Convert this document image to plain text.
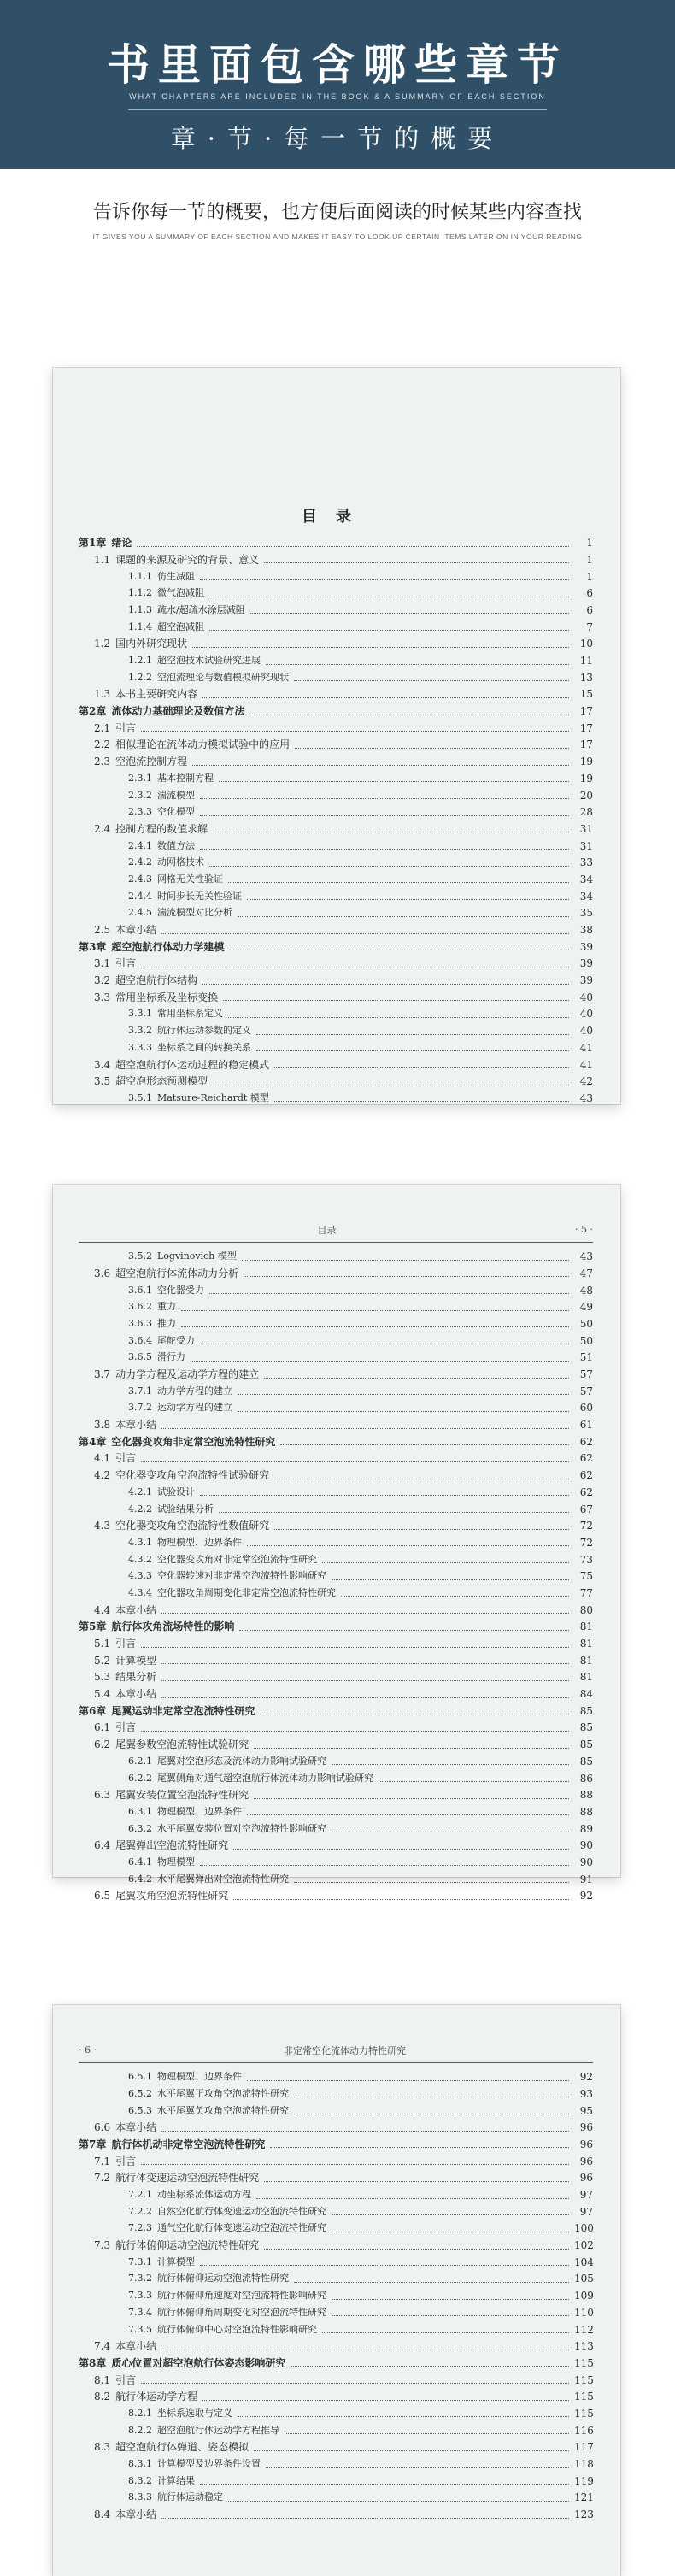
书里面包含哪些章节
WHAT CHAPTERS ARE INCLUDED IN THE BOOK & A SUMMARY OF EACH SECTION
章·节·每一节的概要
告诉你每一节的概要，也方便后面阅读的时候某些内容查找
IT GIVES YOU A SUMMARY OF EACH SECTION AND MAKES IT EASY TO LOOK UP CERTAIN ITEMS LATER ON IN YOUR READING
目录
第1章 绪论	1
1.1 课题的来源及研究的背景、意义	1
1.1.1 仿生减阻	1
1.1.2 微气泡减阻	6
1.1.3 疏水/超疏水涂层减阻	6
1.1.4 超空泡减阻	7
1.2 国内外研究现状	10
1.2.1 超空泡技术试验研究进展	11
1.2.2 空泡流理论与数值模拟研究现状	13
1.3 本书主要研究内容	15
第2章 流体动力基础理论及数值方法	17
2.1 引言	17
2.2 相似理论在流体动力模拟试验中的应用	17
2.3 空泡流控制方程	19
2.3.1 基本控制方程	19
2.3.2 湍流模型	20
2.3.3 空化模型	28
2.4 控制方程的数值求解	31
2.4.1 数值方法	31
2.4.2 动网格技术	33
2.4.3 网格无关性验证	34
2.4.4 时间步长无关性验证	34
2.4.5 湍流模型对比分析	35
2.5 本章小结	38
第3章 超空泡航行体动力学建模	39
3.1 引言	39
3.2 超空泡航行体结构	39
3.3 常用坐标系及坐标变换	40
3.3.1 常用坐标系定义	40
3.3.2 航行体运动参数的定义	40
3.3.3 坐标系之间的转换关系	41
3.4 超空泡航行体运动过程的稳定模式	41
3.5 超空泡形态预测模型	42
3.5.1 Matsure-Reichardt 模型	43
目录	· 5 ·
3.5.2 Logvinovich 模型	43
3.6 超空泡航行体流体动力分析	47
3.6.1 空化器受力	48
3.6.2 重力	49
3.6.3 推力	50
3.6.4 尾舵受力	50
3.6.5 滑行力	51
3.7 动力学方程及运动学方程的建立	57
3.7.1 动力学方程的建立	57
3.7.2 运动学方程的建立	60
3.8 本章小结	61
第4章 空化器变攻角非定常空泡流特性研究	62
4.1 引言	62
4.2 空化器变攻角空泡流特性试验研究	62
4.2.1 试验设计	62
4.2.2 试验结果分析	67
4.3 空化器变攻角空泡流特性数值研究	72
4.3.1 物理模型、边界条件	72
4.3.2 空化器变攻角对非定常空泡流特性研究	73
4.3.3 空化器转速对非定常空泡流特性影响研究	75
4.3.4 空化器攻角周期变化非定常空泡流特性研究	77
4.4 本章小结	80
第5章 航行体攻角流场特性的影响	81
5.1 引言	81
5.2 计算模型	81
5.3 结果分析	81
5.4 本章小结	84
第6章 尾翼运动非定常空泡流特性研究	85
6.1 引言	85
6.2 尾翼参数空泡流特性试验研究	85
6.2.1 尾翼对空泡形态及流体动力影响试验研究	85
6.2.2 尾翼侧角对通气超空泡航行体流体动力影响试验研究	86
6.3 尾翼安装位置空泡流特性研究	88
6.3.1 物理模型、边界条件	88
6.3.2 水平尾翼安装位置对空泡流特性影响研究	89
6.4 尾翼弹出空泡流特性研究	90
6.4.1 物理模型	90
6.4.2 水平尾翼弹出对空泡流特性研究	91
6.5 尾翼攻角空泡流特性研究	92
· 6 ·	非定常空化流体动力特性研究
6.5.1 物理模型、边界条件	92
6.5.2 水平尾翼正攻角空泡流特性研究	93
6.5.3 水平尾翼负攻角空泡流特性研究	95
6.6 本章小结	96
第7章 航行体机动非定常空泡流特性研究	96
7.1 引言	96
7.2 航行体变速运动空泡流特性研究	96
7.2.1 动坐标系流体运动方程	97
7.2.2 自然空化航行体变速运动空泡流特性研究	97
7.2.3 通气空化航行体变速运动空泡流特性研究	100
7.3 航行体俯仰运动空泡流特性研究	102
7.3.1 计算模型	104
7.3.2 航行体俯仰运动空泡流特性研究	105
7.3.3 航行体俯仰角速度对空泡流特性影响研究	109
7.3.4 航行体俯仰角周期变化对空泡流特性研究	110
7.3.5 航行体俯仰中心对空泡流特性影响研究	112
7.4 本章小结	113
第8章 质心位置对超空泡航行体姿态影响研究	115
8.1 引言	115
8.2 航行体运动学方程	115
8.2.1 坐标系选取与定义	115
8.2.2 超空泡航行体运动学方程推导	116
8.3 超空泡航行体弹道、姿态模拟	117
8.3.1 计算模型及边界条件设置	118
8.3.2 计算结果	119
8.3.3 航行体运动稳定	121
8.4 本章小结	123
